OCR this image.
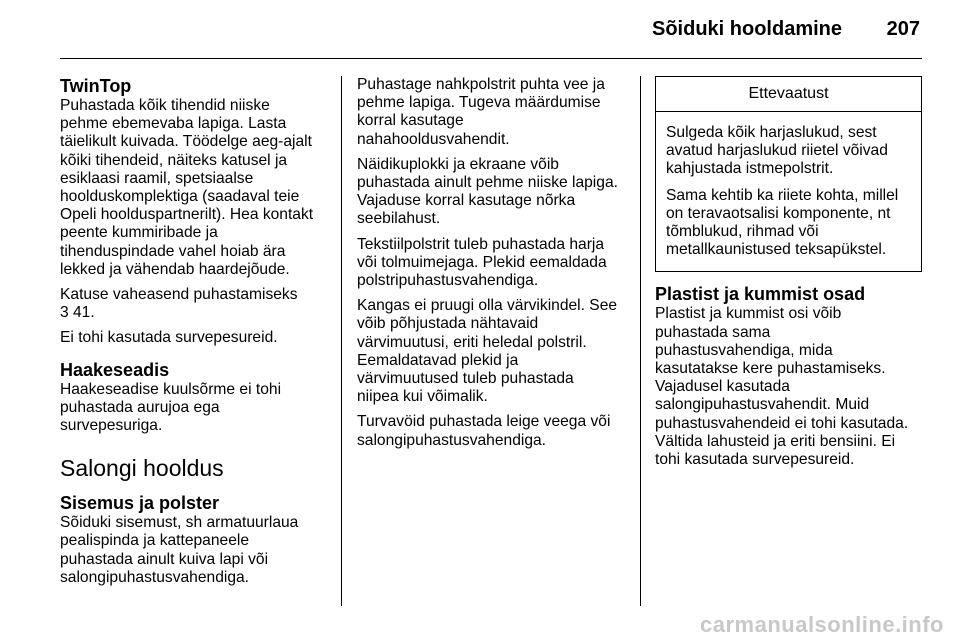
Sõiduki hooldamine 207
TwinTop

Puhastada kõik tihendid niiske
pehme ebemevaba lapiga. Lasta
täielikult kuivada. Töödelge aeg-ajalt
kõiki tihendeid, näiteks katusel ja
esiklaasi raamil, spetsiaalse
hoolduskomplektiga (saadaval teie
Opeli hoolduspartnerilt). Hea kontakt
peente kummiribade ja
tihenduspindade vahel hoiab ära
lekked ja vähendab haardejõude.

Katuse vaheasend puhastamiseks
3 41.

Ei tohi kasutada survepesureid.

Haakeseadis

Haakeseadise kuulsõrme ei tohi
puhastada aurujoa ega
survepesuriga.

Salongi hooldus
Sisemus ja polster

Sõiduki sisemust, sh armatuurlaua
pealispinda ja kattepaneele
puhastada ainult kuiva lapi või
salongipuhastusvahendiga.

Puhastage nahkpolstrit puhta vee ja
pehme lapiga. Tugeva määrdumise
korral kasutage
nahahooldusvahendit.

Näidikuplokki ja ekraane võib
puhastada ainult pehme niiske lapiga.
Vajaduse korral kasutage nõrka
seebilahust.

Tekstiilpolstrit tuleb puhastada harja
või tolmuimejaga. Plekid eemaldada
polstripuhastusvahendiga.

Kangas ei pruugi olla värvikindel. See
võib põhjustada nähtavaid
värvimuutusi, eriti heledal polstril.
Eemaldatavad plekid ja
värvimuutused tuleb puhastada
niipea kui võimalik.

Turvavöid puhastada leige veega või
salongipuhastusvahendiga.

Ettevaatust

Sulgeda kõik harjaslukud, sest
avatud harjaslukud riietel võivad
kahjustada istmepolstrit.

Sama kehtib ka riiete kohta, millel
on teravaotsalisi komponente, nt
tõmblukud, rihmad või
metallkaunistused teksapükstel.

Plastist ja kummist osad

Plastist ja kummist osi võib
puhastada sama
puhastusvahendiga, mida
kasutatakse kere puhastamiseks.
Vajadusel kasutada
salongipuhastusvahendit. Muid
puhastusvahendeid ei tohi kasutada.
Vältida lahusteid ja eriti bensiini. Ei
tohi kasutada survepesureid.

carmanualsonline.info
